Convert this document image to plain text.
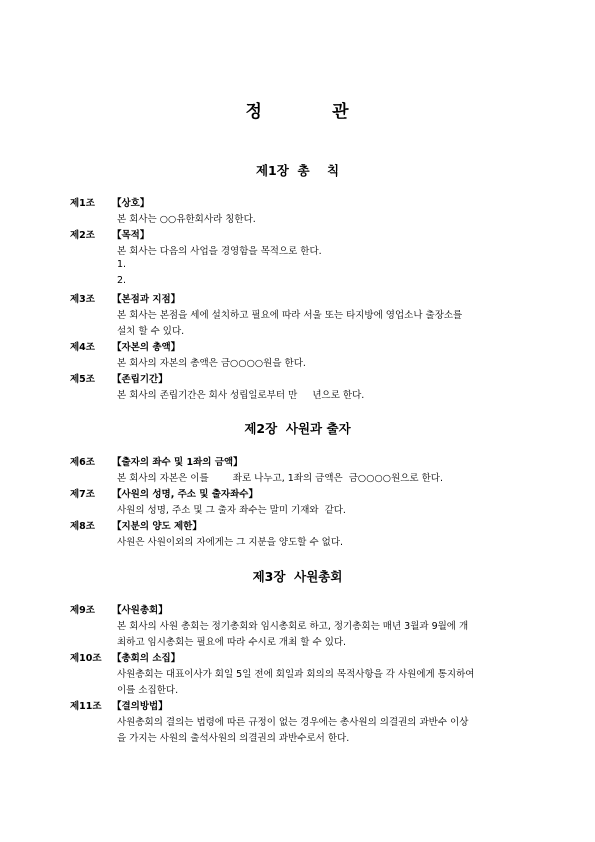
정          관
제1장  총    칙
제1조 【상호】
본 회사는 ○○유한회사라 칭한다.
제2조 【목적】
본 회사는 다음의 사업을 경영함을 목적으로 한다.
1.
2.
제3조 【본점과 지점】
본 회사는 본점을 세에 설치하고 필요에 따라 서울 또는 타지방에 영업소나 출장소를
설치 할 수 있다.
제4조 【자본의 총액】
본 회사의 자본의 총액은 금○○○○원을 한다.
제5조 【존립기간】
본 회사의 존립기간은 회사 성립일로부터 만     년으로 한다.
제2장  사원과 출자
제6조 【출자의 좌수 및 1좌의 금액】
본 회사의 자본은 이를        좌로 나누고, 1좌의 금액은  금○○○○원으로 한다.
제7조 【사원의 성명, 주소 및 출자좌수】
사원의 성명, 주소 및 그 출자 좌수는 말미 기재와  같다.
제8조 【지분의 양도 제한】
사원은 사원이외의 자에게는 그 지분을 양도할 수 없다.
제3장  사원총회
제9조 【사원총회】
본 회사의 사원 총회는 정기총회와 임시총회로 하고, 정기총회는 매년 3월과 9월에 개
최하고 임시총회는 필요에 따라 수시로 개최 할 수 있다.
제10조 【총회의 소집】
사원총회는 대표이사가 회일 5일 전에 회일과 회의의 목적사항을 각 사원에게 통지하여
이를 소집한다.
제11조 【결의방법】
사원총회의 결의는 법령에 따른 규정이 없는 경우에는 총사원의 의결권의 과반수 이상
을 가지는 사원의 출석사원의 의결권의 과반수로서 한다.
